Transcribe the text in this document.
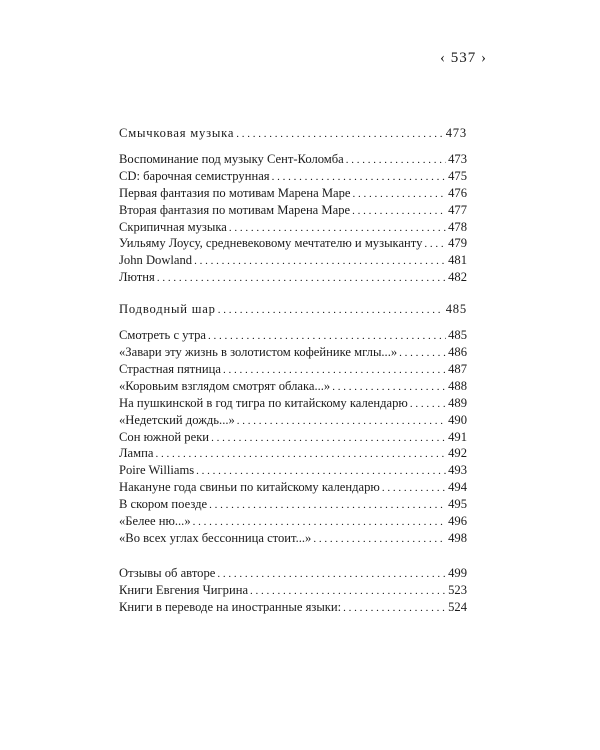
‹ 537 ›
Смычковая музыка . . .	473
Воспоминание под музыку Сент-Коломба . . .	473
CD: барочная семиструнная . . .	475
Первая фантазия по мотивам Марена Маре . . .	476
Вторая фантазия по мотивам Марена Маре . . .	477
Скрипичная музыка . . .	478
Уильяму Лоусу, средневековому мечтателю и музыканту . . . 479
John Dowland . . .	481
Лютня . . .	482
Подводный шар . . .	485
Смотреть с утра . . .	485
«Завари эту жизнь в золотистом кофейнике мглы...» . . .	486
Страстная пятница . . .	487
«Коровьим взглядом смотрят облака...» . . .	488
На пушкинской в год тигра по китайскому календарю . . .	489
«Недетский дождь...» . . .	490
Сон южной реки . . .	491
Лампа . . .	492
Poire Williams . . .	493
Накануне года свиньи по китайскому календарю . . .	494
В скором поезде . . .	495
«Белее ню...» . . .	496
«Во всех углах бессонница стоит...» . . .	498
Отзывы об авторе . . .	499
Книги Евгения Чигрина . . .	523
Книги в переводе на иностранные языки: . . .	524
